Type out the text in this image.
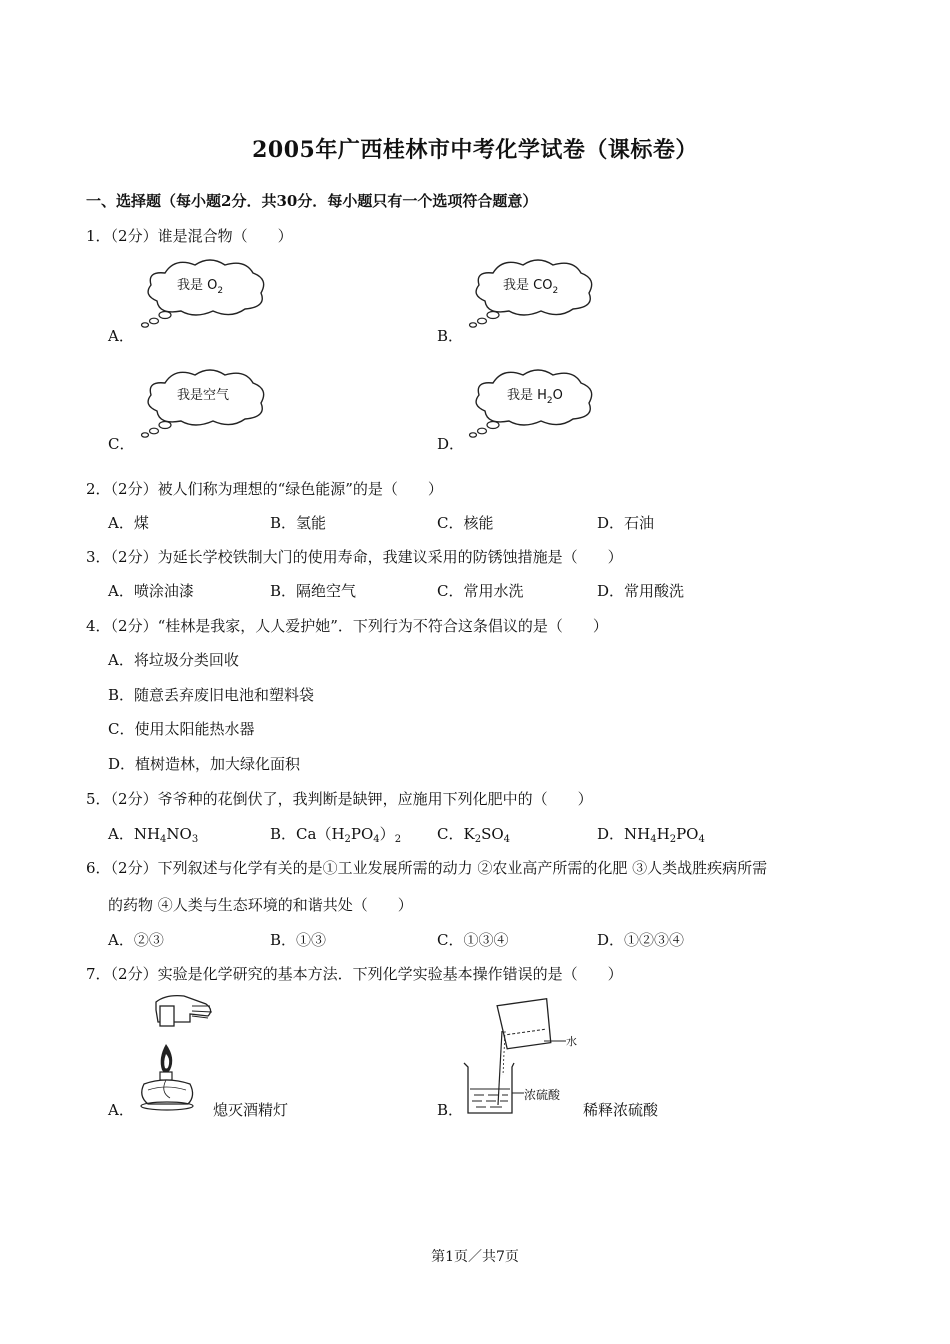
2005年广西桂林市中考化学试卷（课标卷）
一、选择题（每小题2分．共30分．每小题只有一个选项符合题意）
1．（2分）谁是混合物（　　）
A．
我是 $O_2$
B．
我是 $CO_2$
C．
我是空气
D．
我是 $H_2O$
2．（2分）被人们称为理想的“绿色能源”的是（　　）
A．煤	B．氢能	C．核能	D．石油
3．（2分）为延长学校铁制大门的使用寿命，我建议采用的防锈蚀措施是（　　）
A．喷涂油漆	B．隔绝空气	C．常用水洗	D．常用酸洗
4．（2分）“桂林是我家，人人爱护她”．下列行为不符合这条倡议的是（　　）
A．将垃圾分类回收
B．随意丢弃废旧电池和塑料袋
C．使用太阳能热水器
D．植树造林，加大绿化面积
5．（2分）爷爷种的花倒伏了，我判断是缺钾，应施用下列化肥中的（　　）
A．$NH_4NO_3$	B．$Ca(H_2PO_4)_2$ C．$K_2SO_4$	D．$NH_4H_2PO_4$
6．（2分）下列叙述与化学有关的是①工业发展所需的动力 ②农业高产所需的化肥 ③人类战胜疾病所需
的药物 ④人类与生态环境的和谐共处（　　）
A．②③	B．①③	C．①③④	D．①②③④
7．（2分）实验是化学研究的基本方法．下列化学实验基本操作错误的是（　　）
A．	熄灭酒精灯	B．
水
浓硫酸
稀释浓硫酸
第1页／共7页
